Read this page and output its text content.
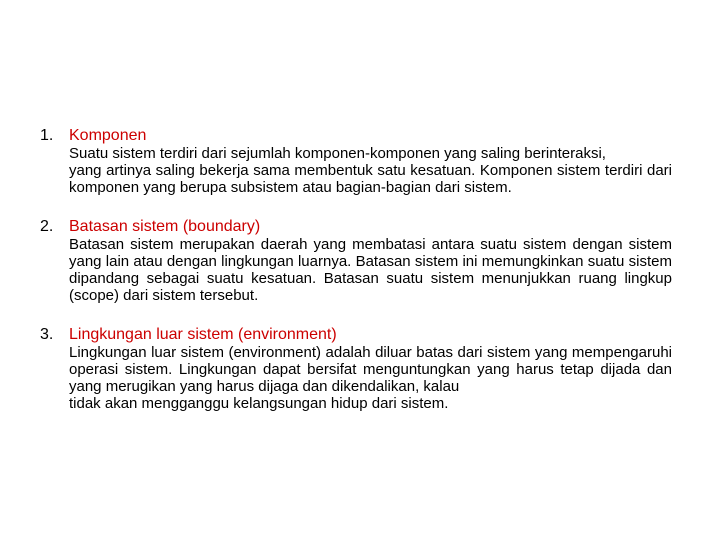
1. Komponen

Suatu sistem terdiri dari sejumlah komponen-komponen yang saling berinteraksi,

yang artinya saling bekerja sama membentuk satu kesatuan. Komponen sistem terdiri dari komponen yang berupa subsistem atau bagian-bagian dari sistem.

2. Batasan sistem (boundary)

Batasan sistem merupakan daerah yang membatasi antara suatu sistem dengan sistem yang lain atau dengan lingkungan luarnya. Batasan sistem ini memungkinkan suatu sistem dipandang sebagai suatu kesatuan. Batasan suatu sistem menunjukkan ruang lingkup (scope) dari sistem tersebut.

3. Lingkungan luar sistem (environment)

Lingkungan luar sistem (environment) adalah diluar batas dari sistem yang mempengaruhi operasi sistem. Lingkungan dapat bersifat menguntungkan yang harus tetap dijada dan yang merugikan yang harus dijaga dan dikendalikan, kalau

tidak akan mengganggu kelangsungan hidup dari sistem.
